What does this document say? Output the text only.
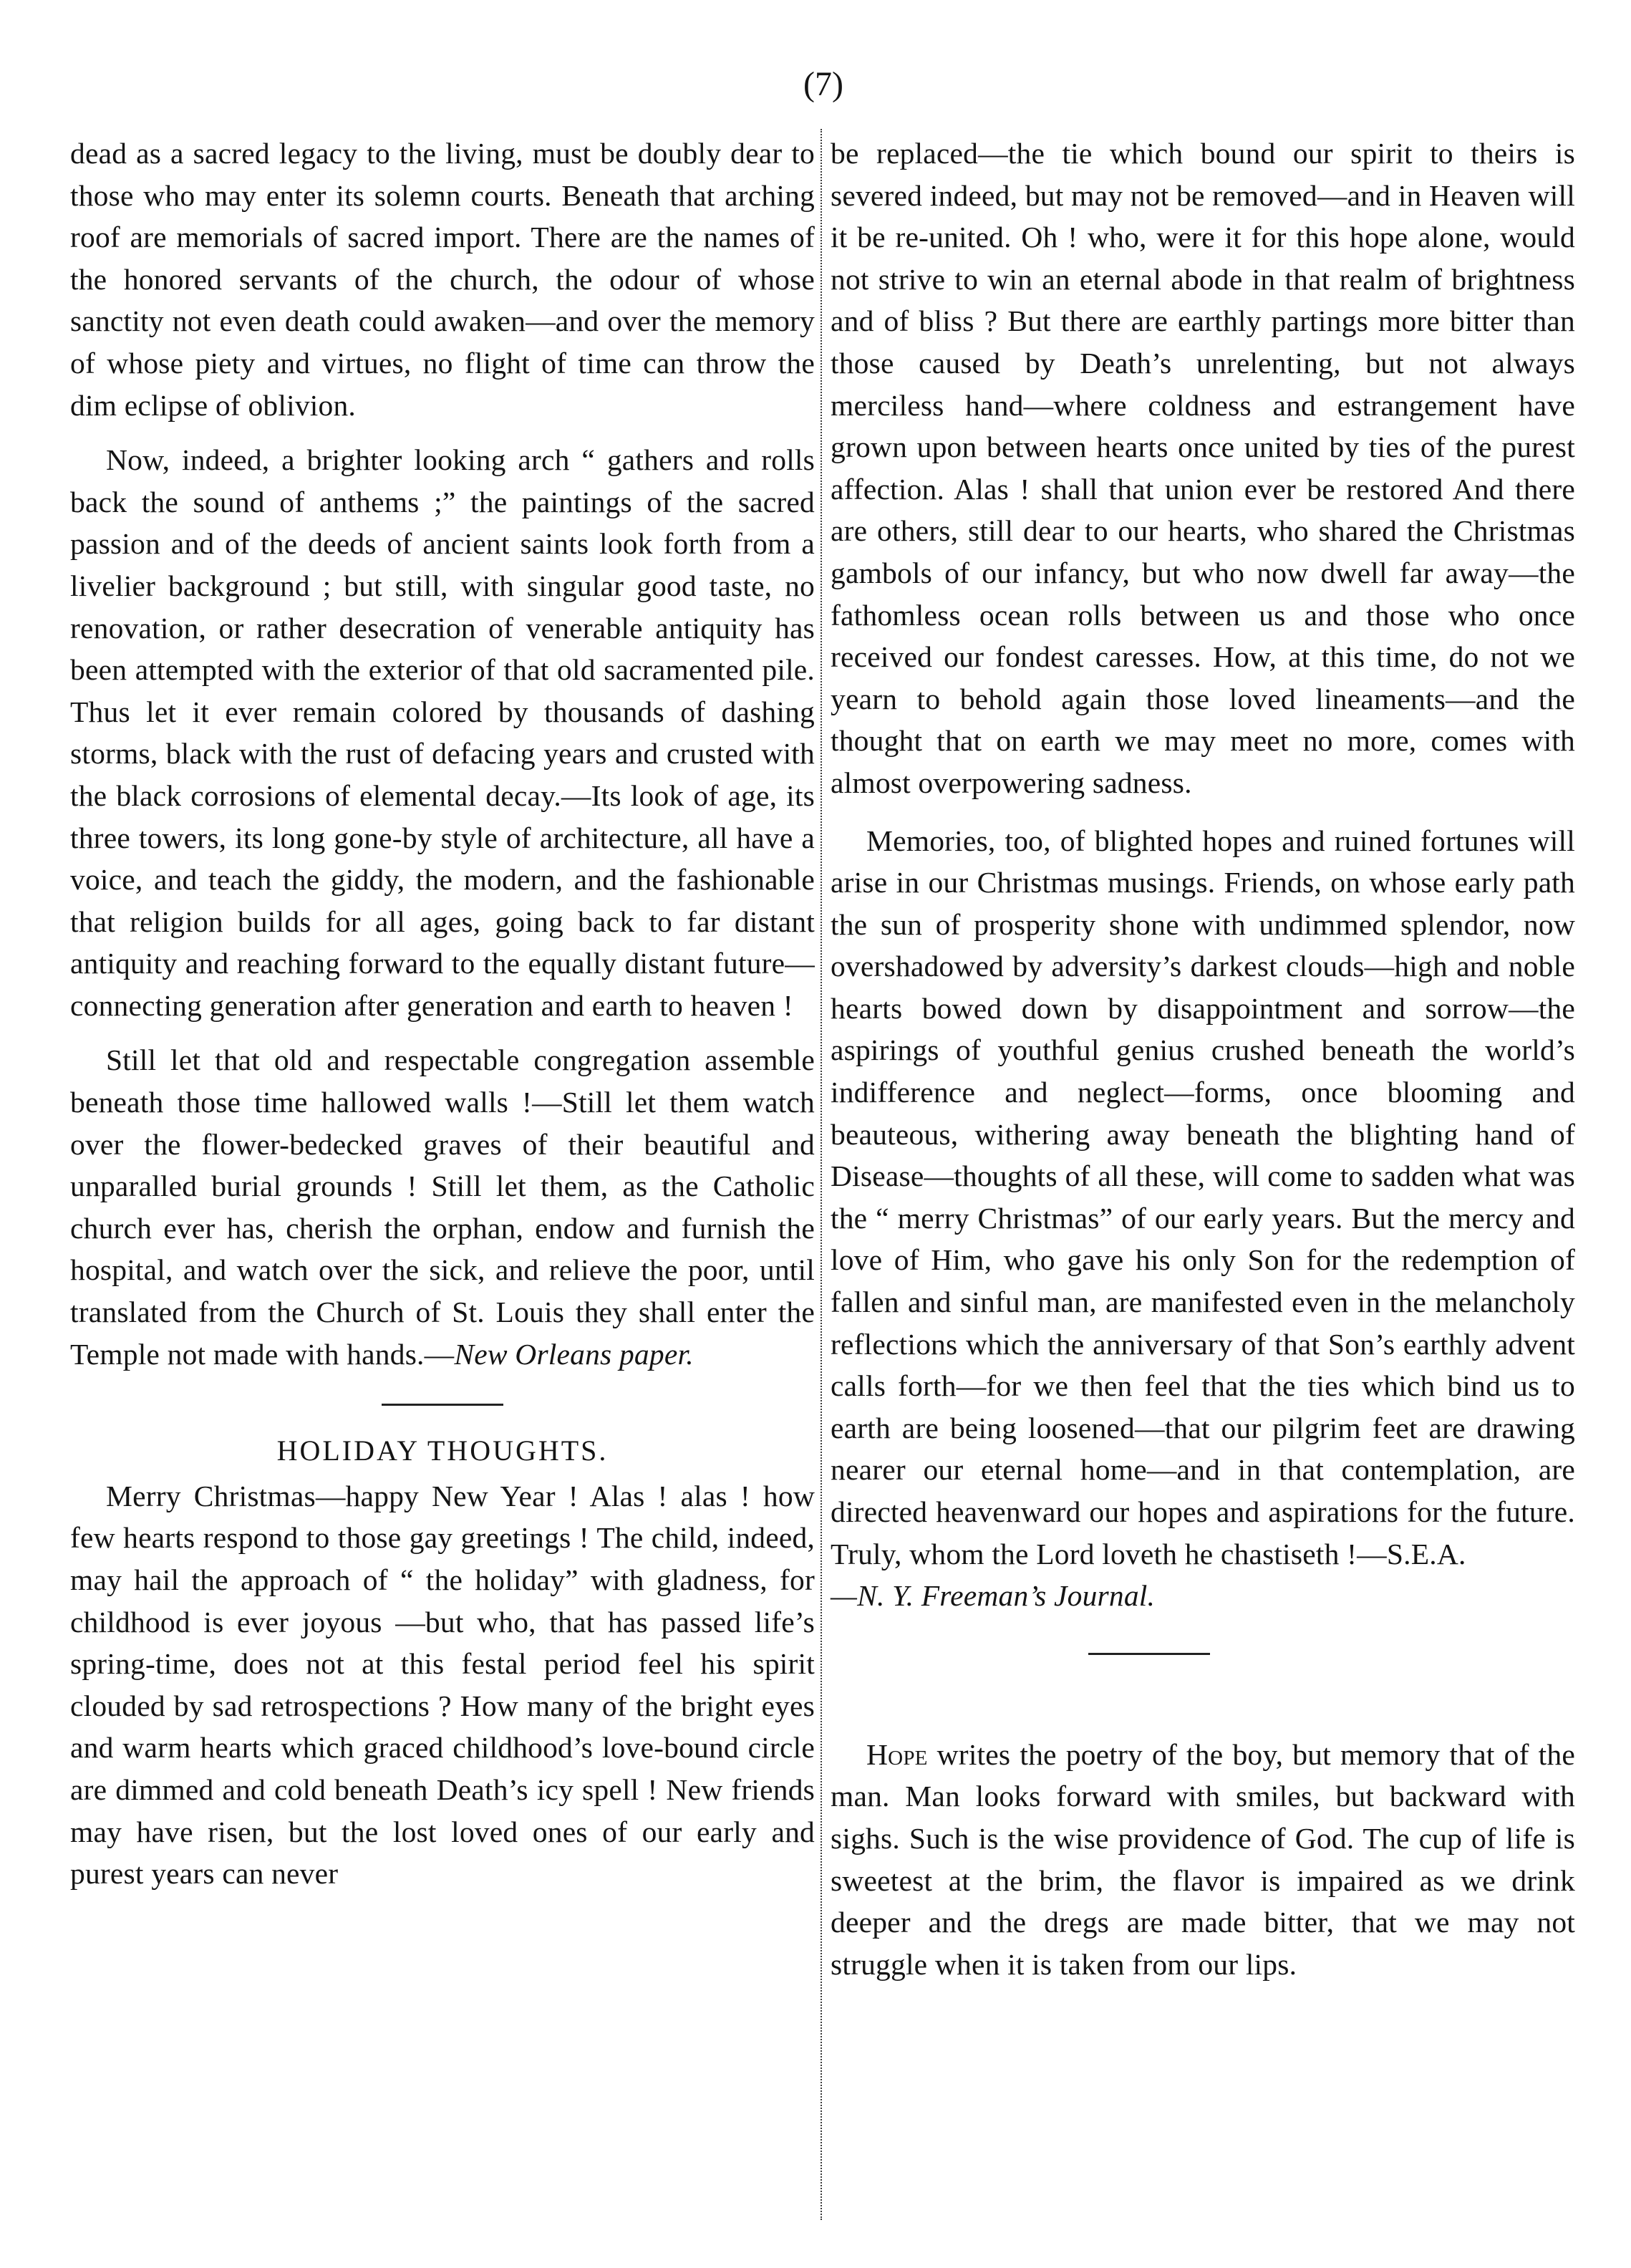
(7)

dead as a sacred legacy to the living, must be doubly dear to those who may enter its solemn courts. Beneath that arching roof are memorials of sacred import. There are the names of the honored servants of the church, the odour of whose sanctity not even death could awaken—and over the memory of whose piety and virtues, no flight of time can throw the dim eclipse of oblivion.

Now, indeed, a brighter looking arch “ gathers and rolls back the sound of anthems ;” the paintings of the sacred passion and of the deeds of ancient saints look forth from a livelier background ; but still, with singular good taste, no renovation, or rather desecration of venerable antiquity has been attempted with the exterior of that old sacramented pile. Thus let it ever remain colored by thousands of dashing storms, black with the rust of defacing years and crusted with the black corrosions of elemental decay.—Its look of age, its three towers, its long gone-by style of architecture, all have a voice, and teach the giddy, the modern, and the fashionable that religion builds for all ages, going back to far distant antiquity and reaching forward to the equally distant future—connecting generation after generation and earth to heaven !

Still let that old and respectable congregation assemble beneath those time hallowed walls !—Still let them watch over the flower-bedecked graves of their beautiful and unparalled burial grounds ! Still let them, as the Catholic church ever has, cherish the orphan, endow and furnish the hospital, and watch over the sick, and relieve the poor, until translated from the Church of St. Louis they shall enter the Temple not made with hands.—New Orleans paper.

HOLIDAY THOUGHTS.

Merry Christmas—happy New Year ! Alas ! alas ! how few hearts respond to those gay greetings ! The child, indeed, may hail the approach of “ the holiday” with gladness, for childhood is ever joyous —but who, that has passed life’s spring-time, does not at this festal period feel his spirit clouded by sad retrospections ? How many of the bright eyes and warm hearts which graced childhood’s love-bound circle are dimmed and cold beneath Death’s icy spell ! New friends may have risen, but the lost loved ones of our early and purest years can never

be replaced—the tie which bound our spirit to theirs is severed indeed, but may not be removed—and in Heaven will it be re-united. Oh ! who, were it for this hope alone, would not strive to win an eternal abode in that realm of brightness and of bliss ? But there are earthly partings more bitter than those caused by Death’s unrelenting, but not always merciless hand—where coldness and estrangement have grown upon between hearts once united by ties of the purest affection. Alas ! shall that union ever be restored And there are others, still dear to our hearts, who shared the Christmas gambols of our infancy, but who now dwell far away—the fathomless ocean rolls between us and those who once received our fondest caresses. How, at this time, do not we yearn to behold again those loved lineaments—and the thought that on earth we may meet no more, comes with almost overpowering sadness.

Memories, too, of blighted hopes and ruined fortunes will arise in our Christmas musings. Friends, on whose early path the sun of prosperity shone with undimmed splendor, now overshadowed by adversity’s darkest clouds—high and noble hearts bowed down by disappointment and sorrow—the aspirings of youthful genius crushed beneath the world’s indifference and neglect—forms, once blooming and beauteous, withering away beneath the blighting hand of Disease—thoughts of all these, will come to sadden what was the “ merry Christmas” of our early years. But the mercy and love of Him, who gave his only Son for the redemption of fallen and sinful man, are manifested even in the melancholy reflections which the anniversary of that Son’s earthly advent calls forth—for we then feel that the ties which bind us to earth are being loosened—that our pilgrim feet are drawing nearer our eternal home—and in that contemplation, are directed heavenward our hopes and aspirations for the future. Truly, whom the Lord loveth he chastiseth !—S.E.A.

—N. Y. Freeman’s Journal.

Hope writes the poetry of the boy, but memory that of the man. Man looks forward with smiles, but backward with sighs. Such is the wise providence of God. The cup of life is sweetest at the brim, the flavor is impaired as we drink deeper and the dregs are made bitter, that we may not struggle when it is taken from our lips.
